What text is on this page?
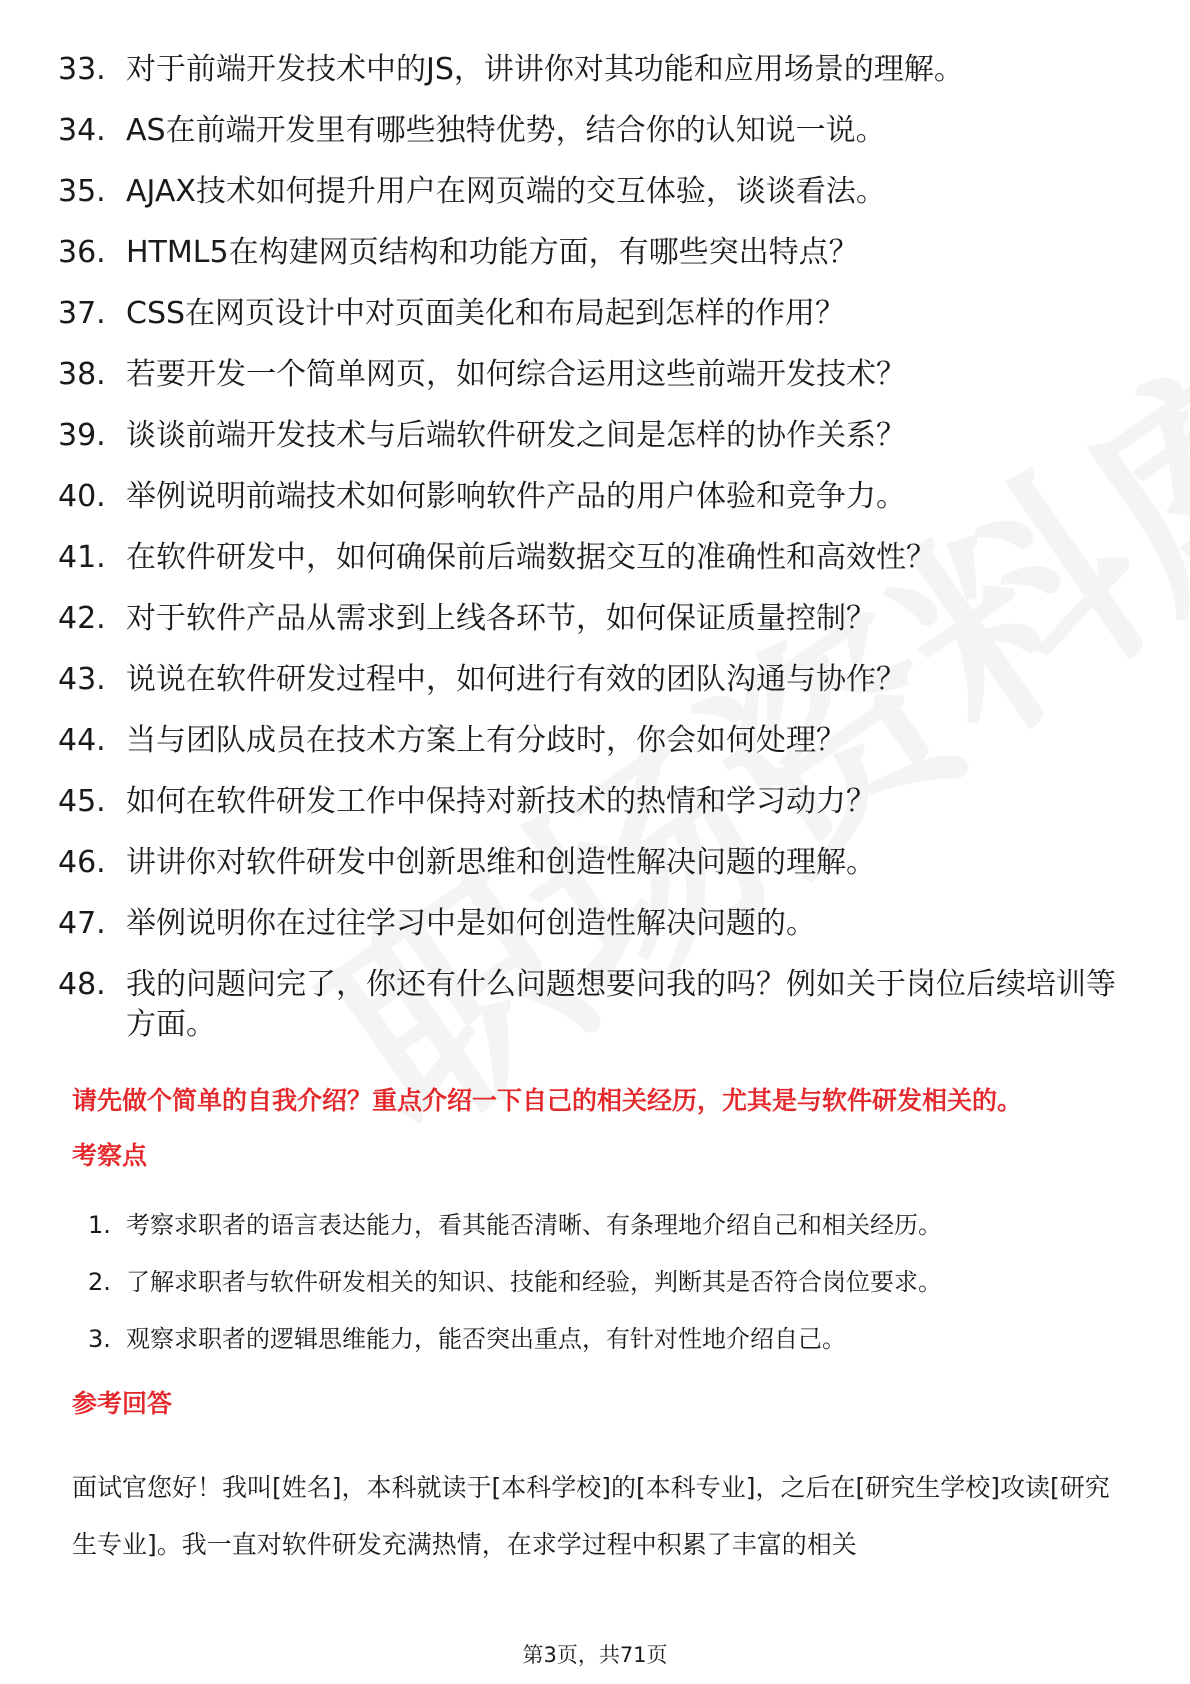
33. 对于前端开发技术中的JS，讲讲你对其功能和应用场景的理解。
34. AS在前端开发里有哪些独特优势，结合你的认知说一说。
35. AJAX技术如何提升用户在网页端的交互体验，谈谈看法。
36. HTML5在构建网页结构和功能方面，有哪些突出特点？
37. CSS在网页设计中对页面美化和布局起到怎样的作用？
38. 若要开发一个简单网页，如何综合运用这些前端开发技术？
39. 谈谈前端开发技术与后端软件研发之间是怎样的协作关系？
40. 举例说明前端技术如何影响软件产品的用户体验和竞争力。
41. 在软件研发中，如何确保前后端数据交互的准确性和高效性？
42. 对于软件产品从需求到上线各环节，如何保证质量控制？
43. 说说在软件研发过程中，如何进行有效的团队沟通与协作？
44. 当与团队成员在技术方案上有分歧时，你会如何处理？
45. 如何在软件研发工作中保持对新技术的热情和学习动力？
46. 讲讲你对软件研发中创新思维和创造性解决问题的理解。
47. 举例说明你在过往学习中是如何创造性解决问题的。
48. 我的问题问完了，你还有什么问题想要问我的吗？例如关于岗位后续培训等方面。
请先做个简单的自我介绍？重点介绍一下自己的相关经历，尤其是与软件研发相关的。
考察点
1. 考察求职者的语言表达能力，看其能否清晰、有条理地介绍自己和相关经历。
2. 了解求职者与软件研发相关的知识、技能和经验，判断其是否符合岗位要求。
3. 观察求职者的逻辑思维能力，能否突出重点，有针对性地介绍自己。
参考回答
面试官您好！我叫[姓名]，本科就读于[本科学校]的[本科专业]，之后在[研究生学校]攻读[研究生专业]。我一直对软件研发充满热情，在求学过程中积累了丰富的相关
第3页，共71页
